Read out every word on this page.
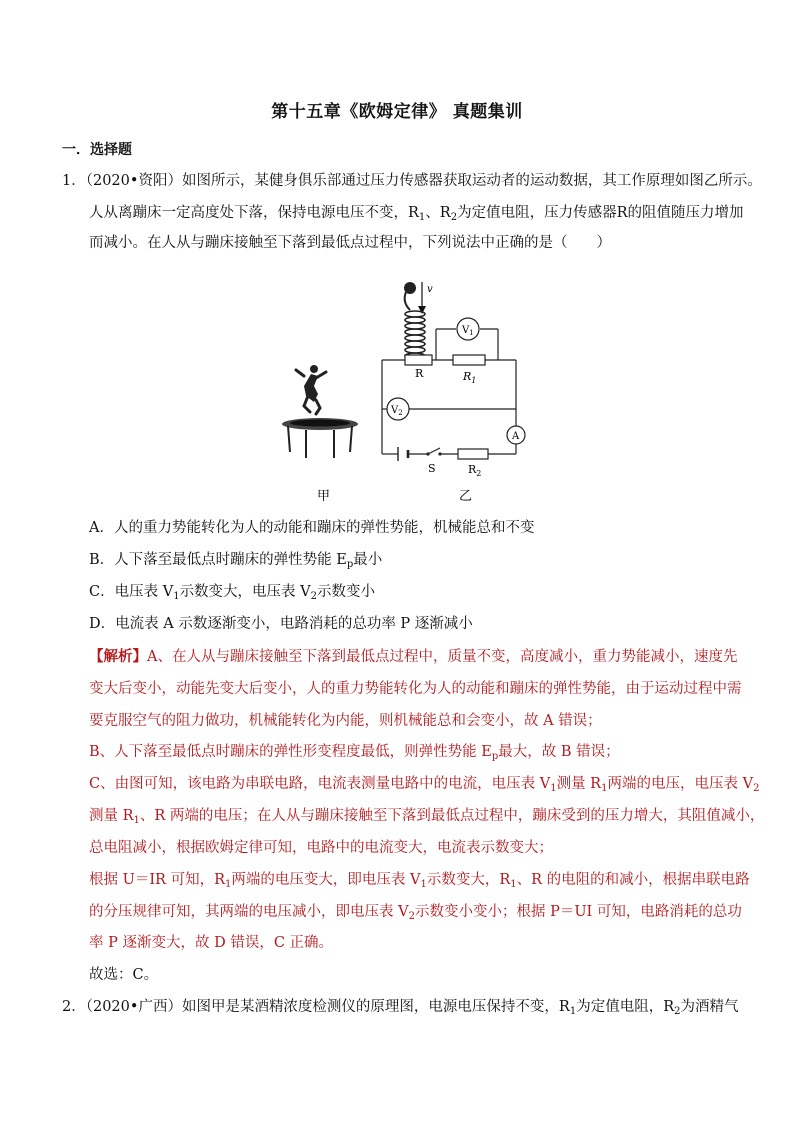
第十五章《欧姆定律》 真题集训
一．选择题
1．（2020•资阳）如图所示，某健身俱乐部通过压力传感器获取运动者的运动数据，其工作原理如图乙所示。
人从离蹦床一定高度处下落，保持电源电压不变，$R_1$、$R_2$为定值电阻，压力传感器R的阻值随压力增加
而减小。在人从与蹦床接触至下落到最低点过程中，下列说法中正确的是（　　）
v
R	$R_1$
$V_1$
$V_2$
A
S	$R_2$
甲	乙
A．人的重力势能转化为人的动能和蹦床的弹性势能，机械能总和不变
B．人下落至最低点时蹦床的弹性势能 $E_p$最小
C．电压表 $V_1$示数变大，电压表 $V_2$示数变小
D．电流表 A 示数逐渐变小，电路消耗的总功率 P 逐渐减小
【解析】A、在人从与蹦床接触至下落到最低点过程中，质量不变，高度减小，重力势能减小，速度先
变大后变小，动能先变大后变小，人的重力势能转化为人的动能和蹦床的弹性势能，由于运动过程中需
要克服空气的阻力做功，机械能转化为内能，则机械能总和会变小，故 A 错误；
B、人下落至最低点时蹦床的弹性形变程度最低，则弹性势能 $E_p$最大，故 B 错误；
C、由图可知，该电路为串联电路，电流表测量电路中的电流，电压表 $V_1$测量 $R_1$两端的电压，电压表 $V_2$
测量 $R_1$、R 两端的电压；在人从与蹦床接触至下落到最低点过程中，蹦床受到的压力增大，其阻值减小，
总电阻减小，根据欧姆定律可知，电路中的电流变大，电流表示数变大；
根据 U＝IR 可知，$R_1$两端的电压变大，即电压表 $V_1$示数变大，$R_1$、R 的电阻的和减小，根据串联电路
的分压规律可知，其两端的电压减小，即电压表 $V_2$示数变小变小；根据 P＝UI 可知，电路消耗的总功
率 P 逐渐变大，故 D 错误，C 正确。
故选：C。
2．（2020•广西）如图甲是某酒精浓度检测仪的原理图，电源电压保持不变，$R_1$为定值电阻，$R_2$为酒精气
